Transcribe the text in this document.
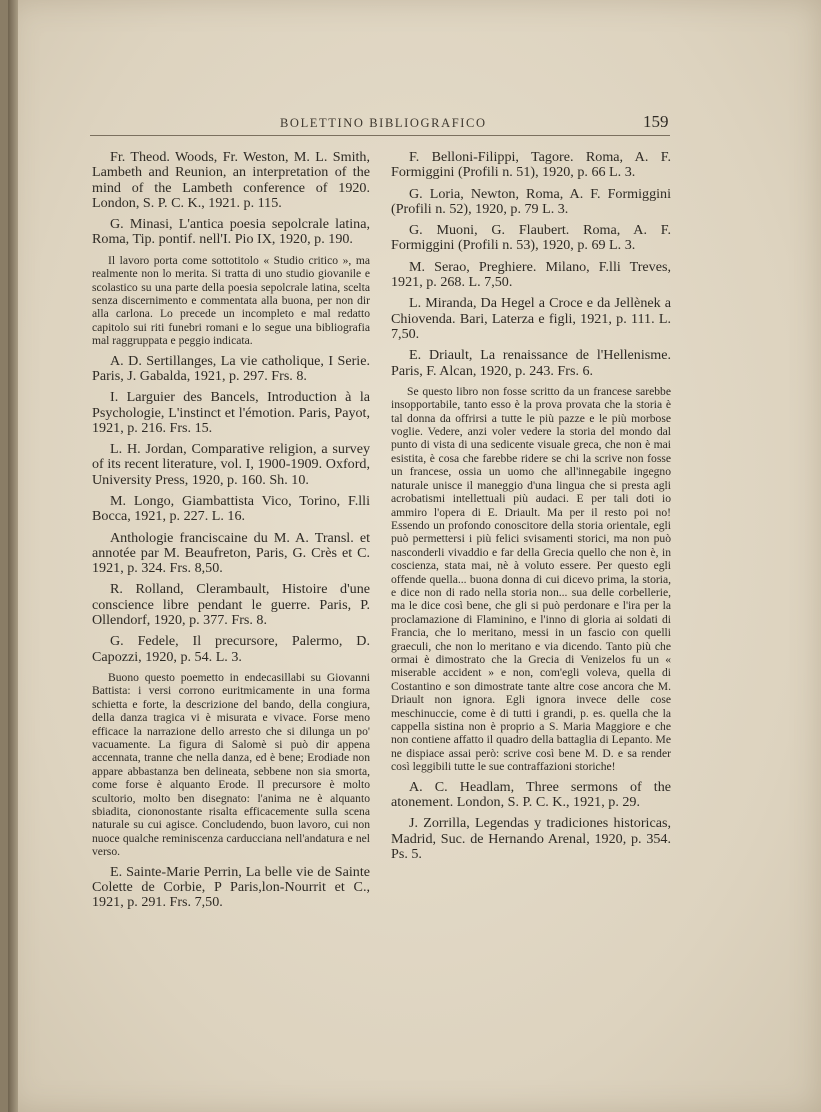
BOLETTINO BIBLIOGRAFICO	159

Fr. Theod. Woods, Fr. Weston, M. L. Smith, Lambeth and Reunion, an interpretation of the mind of the Lambeth conference of 1920. London, S. P. C. K., 1921. p. 115.

G. Minasi, L'antica poesia sepolcrale latina, Roma, Tip. pontif. nell'I. Pio IX, 1920, p. 190.

Il lavoro porta come sottotitolo « Studio critico », ma realmente non lo merita. Si tratta di uno studio giovanile e scolastico su una parte della poesia sepolcrale latina, scelta senza discernimento e commentata alla buona, per non dir alla carlona. Lo precede un incompleto e mal redatto capitolo sui riti funebri romani e lo segue una bibliografia mal raggruppata e peggio indicata.

A. D. Sertillanges, La vie catholique, I Serie. Paris, J. Gabalda, 1921, p. 297. Frs. 8.

I. Larguier des Bancels, Introduction à la Psychologie, L'instinct et l'émotion. Paris, Payot, 1921, p. 216. Frs. 15.

L. H. Jordan, Comparative religion, a survey of its recent literature, vol. I, 1900-1909. Oxford, University Press, 1920, p. 160. Sh. 10.

M. Longo, Giambattista Vico, Torino, F.lli Bocca, 1921, p. 227. L. 16.

Anthologie franciscaine du M. A. Transl. et annotée par M. Beaufreton, Paris, G. Crès et C. 1921, p. 324. Frs. 8,50.

R. Rolland, Clerambault, Histoire d'une conscience libre pendant le guerre. Paris, P. Ollendorf, 1920, p. 377. Frs. 8.

G. Fedele, Il precursore, Palermo, D. Capozzi, 1920, p. 54. L. 3.

Buono questo poemetto in endecasillabi su Giovanni Battista: i versi corrono euritmicamente in una forma schietta e forte, la descrizione del bando, della congiura, della danza tragica vi è misurata e vivace. Forse meno efficace la narrazione dello arresto che si dilunga un po' vacuamente. La figura di Salomè si può dir appena accennata, tranne che nella danza, ed è bene; Erodiade non appare abbastanza ben delineata, sebbene non sia smorta, come forse è alquanto Erode. Il precursore è molto scultorio, molto ben disegnato: l'anima ne è alquanto sbiadita, ciononostante risalta efficacemente sulla scena naturale su cui agisce. Concludendo, buon lavoro, cui non nuoce qualche reminiscenza carducciana nell'andatura e nel verso.

E. Sainte-Marie Perrin, La belle vie de Sainte Colette de Corbie, P Paris,lon-Nourrit et C., 1921, p. 291. Frs. 7,50.

F. Belloni-Filippi, Tagore. Roma, A. F. Formiggini (Profili n. 51), 1920, p. 66 L. 3.

G. Loria, Newton, Roma, A. F. Formiggini (Profili n. 52), 1920, p. 79 L. 3.

G. Muoni, G. Flaubert. Roma, A. F. Formiggini (Profili n. 53), 1920, p. 69 L. 3.

M. Serao, Preghiere. Milano, F.lli Treves, 1921, p. 268. L. 7,50.

L. Miranda, Da Hegel a Croce e da Jellènek a Chiovenda. Bari, Laterza e figli, 1921, p. 111. L. 7,50.

E. Driault, La renaissance de l'Hellenisme. Paris, F. Alcan, 1920, p. 243. Frs. 6.

Se questo libro non fosse scritto da un francese sarebbe insopportabile, tanto esso è la prova provata che la storia è tal donna da offrirsi a tutte le più pazze e le più morbose voglie. Vedere, anzi voler vedere la storia del mondo dal punto di vista di una sedicente visuale greca, che non è mai esistita, è cosa che farebbe ridere se chi la scrive non fosse un francese, ossia un uomo che all'innegabile ingegno naturale unisce il maneggio d'una lingua che si presta agli acrobatismi intellettuali più audaci. E per tali doti io ammiro l'opera di E. Driault. Ma per il resto poi no! Essendo un profondo conoscitore della storia orientale, egli può permettersi i più felici svisamenti storici, ma non può nasconderli vivaddio e far della Grecia quello che non è, in coscienza, stata mai, nè à voluto essere. Per questo egli offende quella... buona donna di cui dicevo prima, la storia, e dice non di rado nella storia non... sua delle corbellerie, ma le dice così bene, che gli si può perdonare e l'ira per la proclamazione di Flaminino, e l'inno di gloria ai soldati di Francia, che lo meritano, messi in un fascio con quelli graeculi, che non lo meritano e via dicendo. Tanto più che ormai è dimostrato che la Grecia di Venizelos fu un « miserable accident » e non, com'egli voleva, quella di Costantino e son dimostrate tante altre cose ancora che M. Driault non ignora. Egli ignora invece delle cose meschinuccie, come è di tutti i grandi, p. es. quella che la cappella sistina non è proprio a S. Maria Maggiore e che non contiene affatto il quadro della battaglia di Lepanto. Me ne dispiace assai però: scrive così bene M. D. e sa render così leggibili tutte le sue contraffazioni storiche!

A. C. Headlam, Three sermons of the atonement. London, S. P. C. K., 1921, p. 29.

J. Zorrilla, Legendas y tradiciones historicas, Madrid, Suc. de Hernando Arenal, 1920, p. 354. Ps. 5.
